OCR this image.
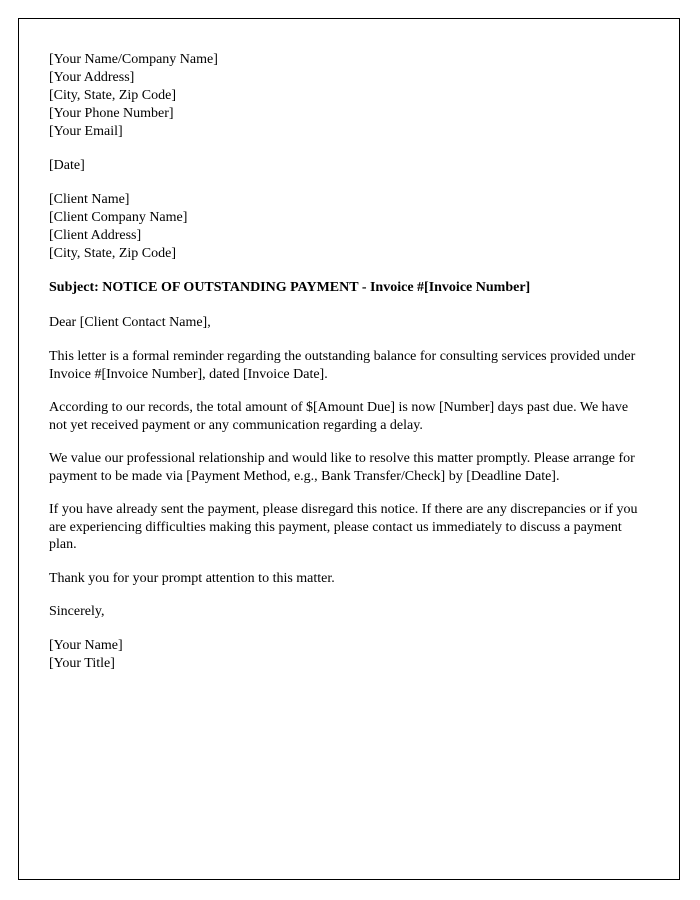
[Your Name/Company Name]
[Your Address]
[City, State, Zip Code]
[Your Phone Number]
[Your Email]
[Date]
[Client Name]
[Client Company Name]
[Client Address]
[City, State, Zip Code]
Subject: NOTICE OF OUTSTANDING PAYMENT - Invoice #[Invoice Number]
Dear [Client Contact Name],

This letter is a formal reminder regarding the outstanding balance for consulting services provided under Invoice #[Invoice Number], dated [Invoice Date].

According to our records, the total amount of $[Amount Due] is now [Number] days past due. We have not yet received payment or any communication regarding a delay.

We value our professional relationship and would like to resolve this matter promptly. Please arrange for payment to be made via [Payment Method, e.g., Bank Transfer/Check] by [Deadline Date].

If you have already sent the payment, please disregard this notice. If there are any discrepancies or if you are experiencing difficulties making this payment, please contact us immediately to discuss a payment plan.

Thank you for your prompt attention to this matter.

Sincerely,
[Your Name]
[Your Title]
